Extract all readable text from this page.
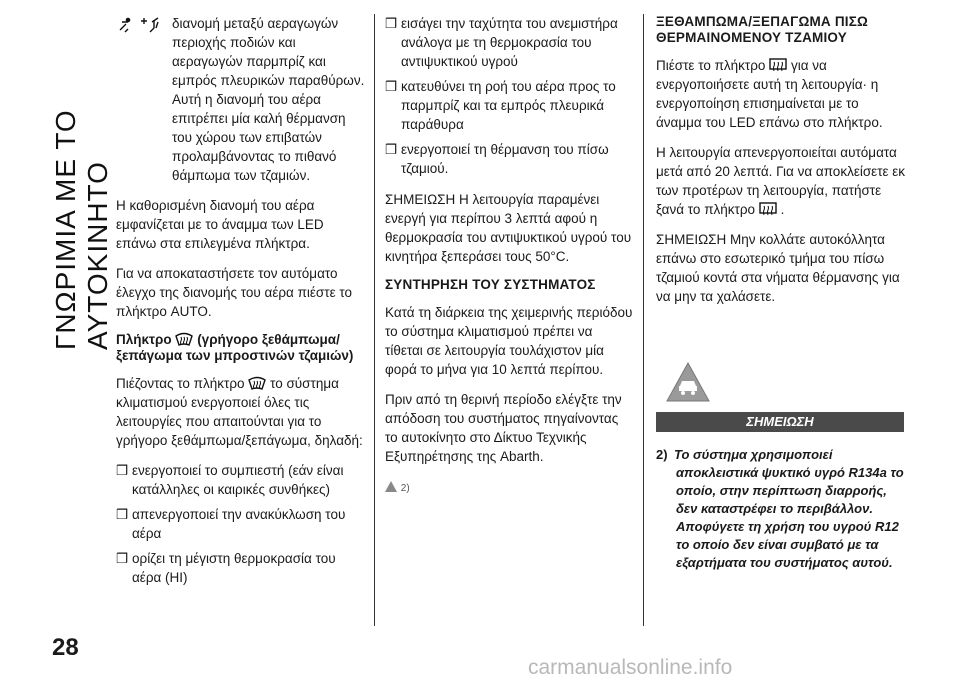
ΓΝΩΡΙΜΙΑ ΜΕ ΤΟ ΑΥΤΟΚΙΝΗΤΟ
28
carmanualsonline.info

διανομή μεταξύ αεραγωγών περιοχής ποδιών και αεραγωγών παρμπρίζ και εμπρός πλευρικών παραθύρων. Αυτή η διανομή του αέρα επιτρέπει μία καλή θέρμανση του χώρου των επιβατών προλαμβάνοντας το πιθανό θάμπωμα των τζαμιών.

Η καθορισμένη διανομή του αέρα εμφανίζεται με το άναμμα των LED επάνω στα επιλεγμένα πλήκτρα.

Για να αποκαταστήσετε τον αυτόματο έλεγχο της διανομής του αέρα πιέστε το πλήκτρο AUTO.

Πλήκτρο (γρήγορο ξεθάμπωμα/ξεπάγωμα των μπροστινών τζαμιών)

Πιέζοντας το πλήκτρο το σύστημα κλιματισμού ενεργοποιεί όλες τις λειτουργίες που απαιτούνται για το γρήγορο ξεθάμπωμα/ξεπάγωμα, δηλαδή:

❒ ενεργοποιεί το συμπιεστή (εάν είναι κατάλληλες οι καιρικές συνθήκες)
❒ απενεργοποιεί την ανακύκλωση του αέρα
❒ ορίζει τη μέγιστη θερμοκρασία του αέρα (HI)
❒ εισάγει την ταχύτητα του ανεμιστήρα ανάλογα με τη θερμοκρασία του αντιψυκτικού υγρού
❒ κατευθύνει τη ροή του αέρα προς το παρμπρίζ και τα εμπρός πλευρικά παράθυρα
❒ ενεργοποιεί τη θέρμανση του πίσω τζαμιού.

ΣΗΜΕΙΩΣΗ Η λειτουργία παραμένει ενεργή για περίπου 3 λεπτά αφού η θερμοκρασία του αντιψυκτικού υγρού του κινητήρα ξεπεράσει τους 50°C.

ΣΥΝΤΗΡΗΣΗ ΤΟΥ ΣΥΣΤΗΜΑΤΟΣ

Κατά τη διάρκεια της χειμερινής περιόδου το σύστημα κλιματισμού πρέπει να τίθεται σε λειτουργία τουλάχιστον μία φορά το μήνα για 10 λεπτά περίπου.

Πριν από τη θερινή περίοδο ελέγξτε την απόδοση του συστήματος πηγαίνοντας το αυτοκίνητο στο Δίκτυο Τεχνικής Εξυπηρέτησης της Abarth.

2)
ΞΕΘΑΜΠΩΜΑ/ΞΕΠΑΓΩΜΑ ΠΙΣΩ ΘΕΡΜΑΙΝΟΜΕΝΟΥ ΤΖΑΜΙΟΥ

Πιέστε το πλήκτρο για να ενεργοποιήσετε αυτή τη λειτουργία· η ενεργοποίηση επισημαίνεται με το άναμμα του LED επάνω στο πλήκτρο.

Η λειτουργία απενεργοποιείται αυτόματα μετά από 20 λεπτά. Για να αποκλείσετε εκ των προτέρων τη λειτουργία, πατήστε ξανά το πλήκτρο .

ΣΗΜΕΙΩΣΗ Μην κολλάτε αυτοκόλλητα επάνω στο εσωτερικό τμήμα του πίσω τζαμιού κοντά στα νήματα θέρμανσης για να μην τα χαλάσετε.

ΣΗΜΕΙΩΣΗ
2) Το σύστημα χρησιμοποιεί
αποκλειστικά ψυκτικό υγρό R134a το οποίο, στην περίπτωση διαρροής, δεν καταστρέφει το περιβάλλον. Αποφύγετε τη χρήση του υγρού R12 το οποίο δεν είναι συμβατό με τα εξαρτήματα του συστήματος αυτού.
